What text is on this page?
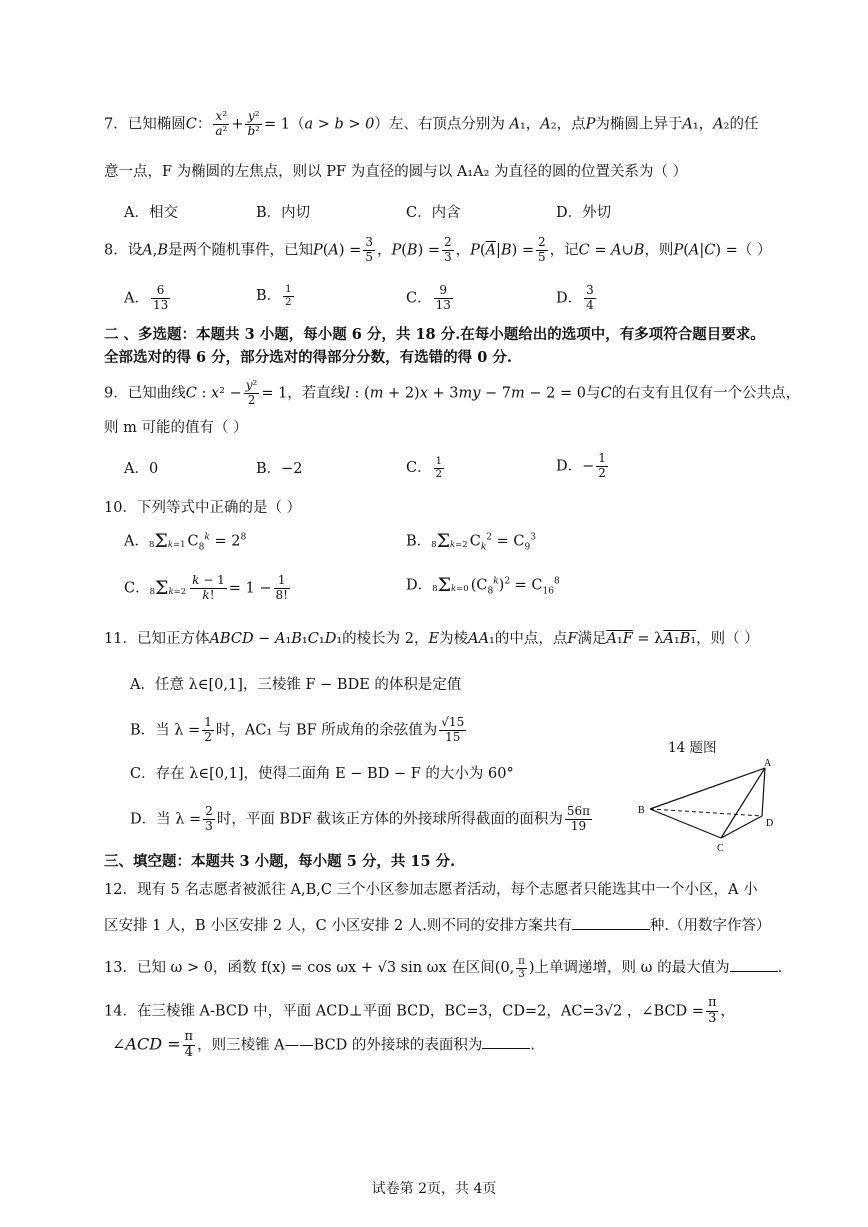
7．已知椭圆C： $\frac{\text{x²}}{\text{a²}} + \frac{\text{y²}}{\text{b²}} = 1(a > b > 0)$左、右顶点分别为 A₁，A₂，点P为椭圆上异于A₁，A₂的任
意一点，F 为椭圆的左焦点，则以 PF 为直径的圆与以 A₁A₂ 为直径的圆的位置关系为（ ）
A．相交	B．内切	C．内含	D．外切
8．设A,B是两个随机事件，已知$P(A) = \frac{3}{5}$ ，$P(B) = \frac{2}{3}$ ，$P(\overline{A}|B) = \frac{2}{5}$ ，记C = A∪B，则P(A|C) =（ ）
A． $\frac{6}{13}$	B． $\frac{1}{2}$	C． $\frac{9}{13}$	D． $\frac{3}{4}$
二 、多选题：本题共 3 小题，每小题 6 分，共 18 分.在每小题给出的选项中，有多项符合题目要求。
全部选对的得 6 分，部分选对的得部分分数，有选错的得 0 分.
9．已知曲线C : $x^2 - \frac{\text{y²}}{2} = 1$，若直线l : (m + 2)x + 3my − 7m − 2 = 0与C的右支有且仅有一个公共点，
则 m 可能的值有（ ）
A．0	B．−2	C． $\frac{1}{2}$	D．− $\frac{1}{2}$
10．下列等式中正确的是（ ）
A．8Σk=1 $C_8^k = 2^8$	B．8Σk=2 $C_k^2 = C_9^3$
C．$8\Sigma k=2 \frac{k - 1}{k!} = 1 - \frac{1}{8!}$	D．8Σk=0 $(C_8^k)^2 = C_{16}^8$
11．已知正方体ABCD − A₁B₁C₁D₁的棱长为 2，E为棱AA₁的中点，点F满足A₁F = λA₁B₁，则（ ）
A．任意 λ∈[0,1]，三棱锥 F − BDE 的体积是定值
B．当 $\lambda = \frac{1}{2}$ 时，AC₁ 与 BF 所成角的余弦值为 $\frac{√15}{15}$
C．存在 λ∈[0,1]，使得二面角 E − BD − F 的大小为 60°
D．当 $\lambda = \frac{2}{3}$ 时，平面 BDF 截该正方体的外接球所得截面的面积为 $\frac{56\pi}{19}$
14 题图
A
B
C
D
三、填空题：本题共 3 小题，每小题 5 分，共 15 分.
12．现有 5 名志愿者被派往 A,B,C 三个小区参加志愿者活动，每个志愿者只能选其中一个小区，A 小
区安排 1 人，B 小区安排 2 人，C 小区安排 2 人.则不同的安排方案共有	种.（用数字作答）
13．已知 ω > 0，函数 f(x) = cos ωx + √3 sin ωx 在区间(0, $\frac{\pi}{3}$ )上单调递增，则 ω 的最大值为	.
14．在三棱锥 A-BCD 中，平面 ACD⊥平面 BCD，BC=3，CD=2，AC=3√2 ，∠BCD = $\frac{\pi}{3}$ ，
∠ACD = $\frac{\pi}{4}$ ，则三棱锥 A——BCD 的外接球的表面积为	.
试卷第 2页，共 4页
